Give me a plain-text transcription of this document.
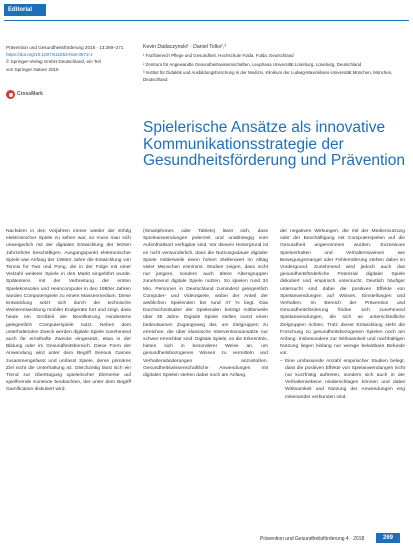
Editorial
Prävention und Gesundheitsförderung 2018 · 13:269–271
https://doi.org/10.1007/s11553-018-0672-z
© Springer-Verlag GmbH Deutschland, ein Teil
von Springer Nature 2018
CrossMark
Kevin Dadaczynski¹ · Daniel Tolks²,³

¹ Fachbereich Pflege und Gesundheit, Hochschule Fulda, Fulda, Deutschland

² Zentrum für Angewandte Gesundheitswissenschaften, Leuphana Universität Lüneburg, Lüneburg, Deutschland

³ Institut für Didaktik und Ausbildungsforschung in der Medizin, Klinikum der Ludwig-Maximilians-Universität München, München, Deutschland

Spielerische Ansätze als innovative Kommunikationsstrategie der Gesundheitsförderung und Prävention

Nachdem in den Vorjahren immer wieder der Erfolg elektronischer Spiele zu sehen war, so muss man sich unweigerlich mit der digitalen Entwicklung der letzten Jahrzehnte beschäftigen. Ausgangspunkt elektronischer Spiele war Anfang der 1950er Jahre die Entwicklung von Tennis for Two und Pong, die in der Folge mit einer Vielzahl weiterer Spiele in den Markt eingeführt wurde. Spätestens mit der Verbreitung der ersten Spielekonsolen und Heimcomputer in den 1980er Jahren wurden Computerspiele zu einem Massenmedium. Diese Entwicklung setzt sich durch die technische Weiterentwicklung mobiler Endgeräte fort und zeigt, dass heute ein Großteil der Bevölkerung mindestens gelegentlich Computerspiele nutzt. Neben dem unterhaltenden Zweck werden digitale Spiele zunehmend auch für ernsthafte Zwecke eingesetzt, etwa in der Bildung oder im Gesundheitsbereich. Diese Form der Anwendung wird unter dem Begriff Serious Games zusammengefasst und umfasst Spiele, deren primäres Ziel nicht die Unterhaltung ist. Gleichzeitig lässt sich ein Trend zur Übertragung spielerischer Elemente auf spielfremde Kontexte beobachten, der unter dem Begriff Gamification diskutiert wird.

(Smartphones oder Tablets) lässt sich, dass Spieleanwendungen jederzeit und unabhängig vom Aufenthaltsort verfügbar sind. Vor diesem Hintergrund ist es nicht verwunderlich, dass die Nutzungsdauer digitaler Spiele mittlerweile einen hohen Stellenwert im Alltag vieler Menschen einnimmt. Studien zeigen, dass nicht nur jüngere, sondern auch ältere Altersgruppen zunehmend digitale Spiele nutzen. So spielen rund 34 Mio. Personen in Deutschland zumindest gelegentlich Computer- und Videospiele, wobei der Anteil der weiblichen Spielenden bei rund 47 % liegt. Das Durchschnittsalter der Spielenden beträgt mittlerweile über 35 Jahre. Digitale Spiele stellen somit einen bedeutsamen Zugangsweg dar, um Zielgruppen zu erreichen, die über klassische Interventionsansätze nur schwer erreichbar sind. Digitale Spiele, so die Erkenntnis, bieten sich in besonderer Weise an, um gesundheitsbezogenes Wissen zu vermitteln und Verhaltensänderungen anzustoßen. Gesundheitswissenschaftliche Anwendungen mit digitalen Spielen stehen dabei noch am Anfang.

der negativen Wirkungen, die mit der Mediennutzung oder der Beschäftigung mit Computerspielen auf die Gesundheit angenommen wurden. Exzessives Spielverhalten und Verhaltensweisen wie Bewegungsmangel oder Fehlernährung stehen dabei im Vordergrund. Zunehmend wird jedoch auch das gesundheitsförderliche Potenzial digitaler Spiele diskutiert und empirisch untersucht. Deutlich häufiger untersucht sind dabei die positiven Effekte von Spielanwendungen auf Wissen, Einstellungen und Verhalten. Im Bereich der Prävention und Gesundheitsförderung finden sich zunehmend Spielanwendungen, die sich an unterschiedliche Zielgruppen richten. Trotz dieser Entwicklung steht die Forschung zu gesundheitsbezogenen Spielen noch am Anfang. Insbesondere zur Wirksamkeit und nachhaltigen Nutzung liegen bislang nur wenige belastbare Befunde vor.

– Eine umfassende Anzahl empirischer Studien belegt, dass die positiven Effekte von Spielanwendungen nicht nur kurzfristig auftreten, sondern sich auch in der Verhaltensebene niederschlagen können und dabei Wirksamkeit und Nutzung der Anwendungen eng miteinander verbunden sind.
Prävention und Gesundheitsförderung 4 · 2018	269
